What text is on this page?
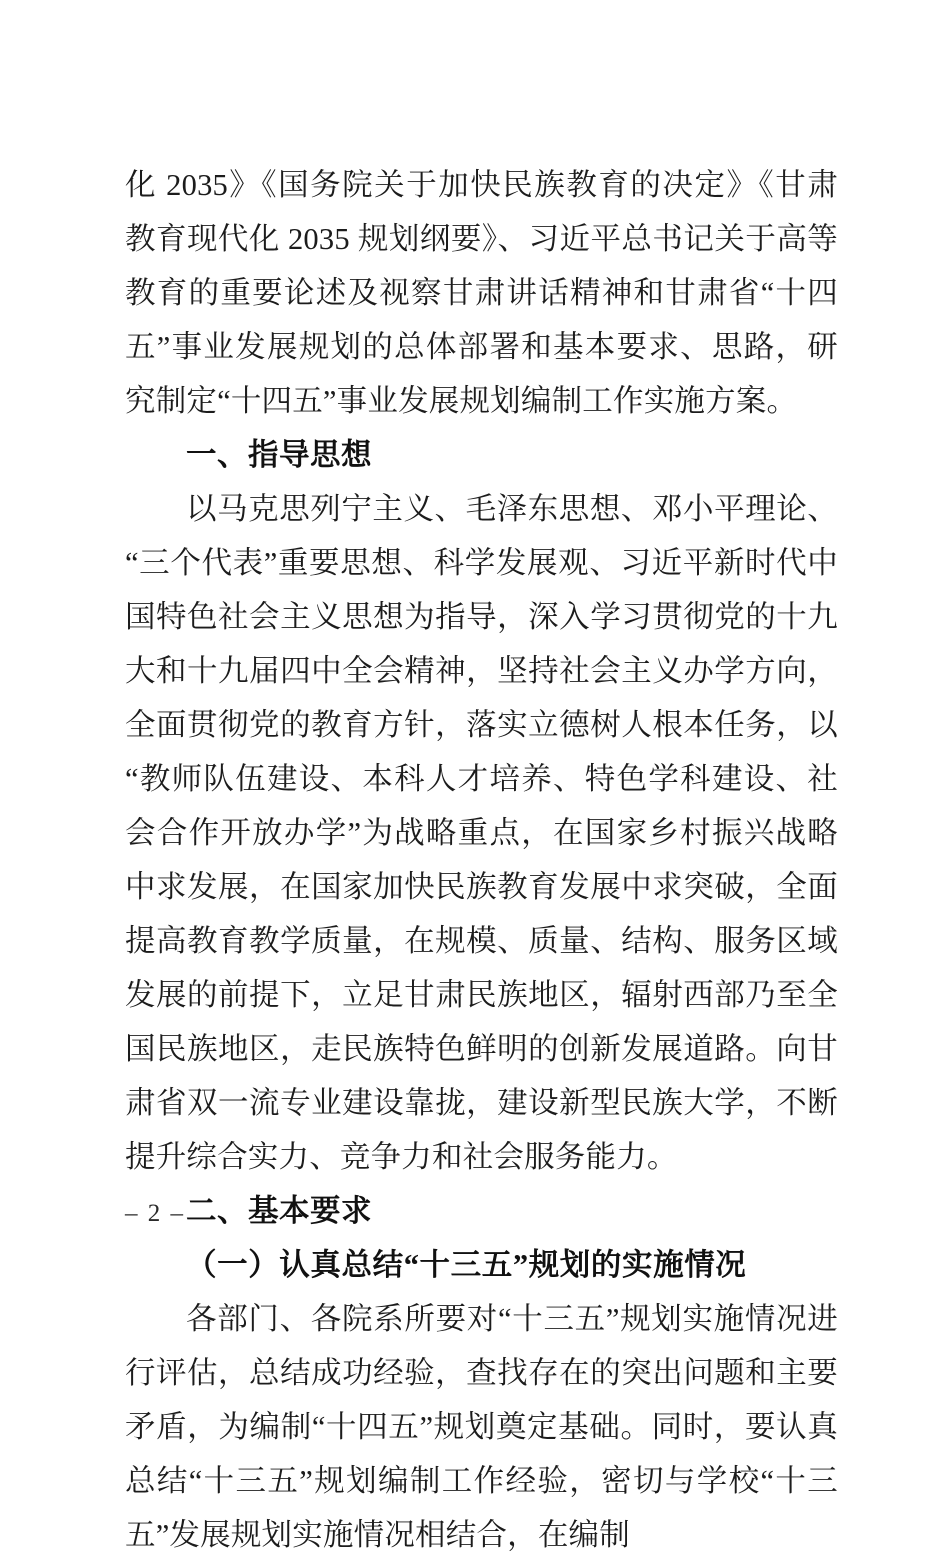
化 2035》《国务院关于加快民族教育的决定》《甘肃教育现代化 2035 规划纲要》、习近平总书记关于高等教育的重要论述及视察甘肃讲话精神和甘肃省“十四五”事业发展规划的总体部署和基本要求、思路，研究制定“十四五”事业发展规划编制工作实施方案。

一、指导思想

以马克思列宁主义、毛泽东思想、邓小平理论、“三个代表”重要思想、科学发展观、习近平新时代中国特色社会主义思想为指导，深入学习贯彻党的十九大和十九届四中全会精神，坚持社会主义办学方向，全面贯彻党的教育方针，落实立德树人根本任务，以“教师队伍建设、本科人才培养、特色学科建设、社会合作开放办学”为战略重点，在国家乡村振兴战略中求发展，在国家加快民族教育发展中求突破，全面提高教育教学质量，在规模、质量、结构、服务区域发展的前提下，立足甘肃民族地区，辐射西部乃至全国民族地区，走民族特色鲜明的创新发展道路。向甘肃省双一流专业建设靠拢，建设新型民族大学，不断提升综合实力、竞争力和社会服务能力。

二、基本要求
（一）认真总结“十三五”规划的实施情况

各部门、各院系所要对“十三五”规划实施情况进行评估，总结成功经验，查找存在的突出问题和主要矛盾，为编制“十四五”规划奠定基础。同时，要认真总结“十三五”规划编制工作经验，密切与学校“十三五”发展规划实施情况相结合，在编制

– 2 –
